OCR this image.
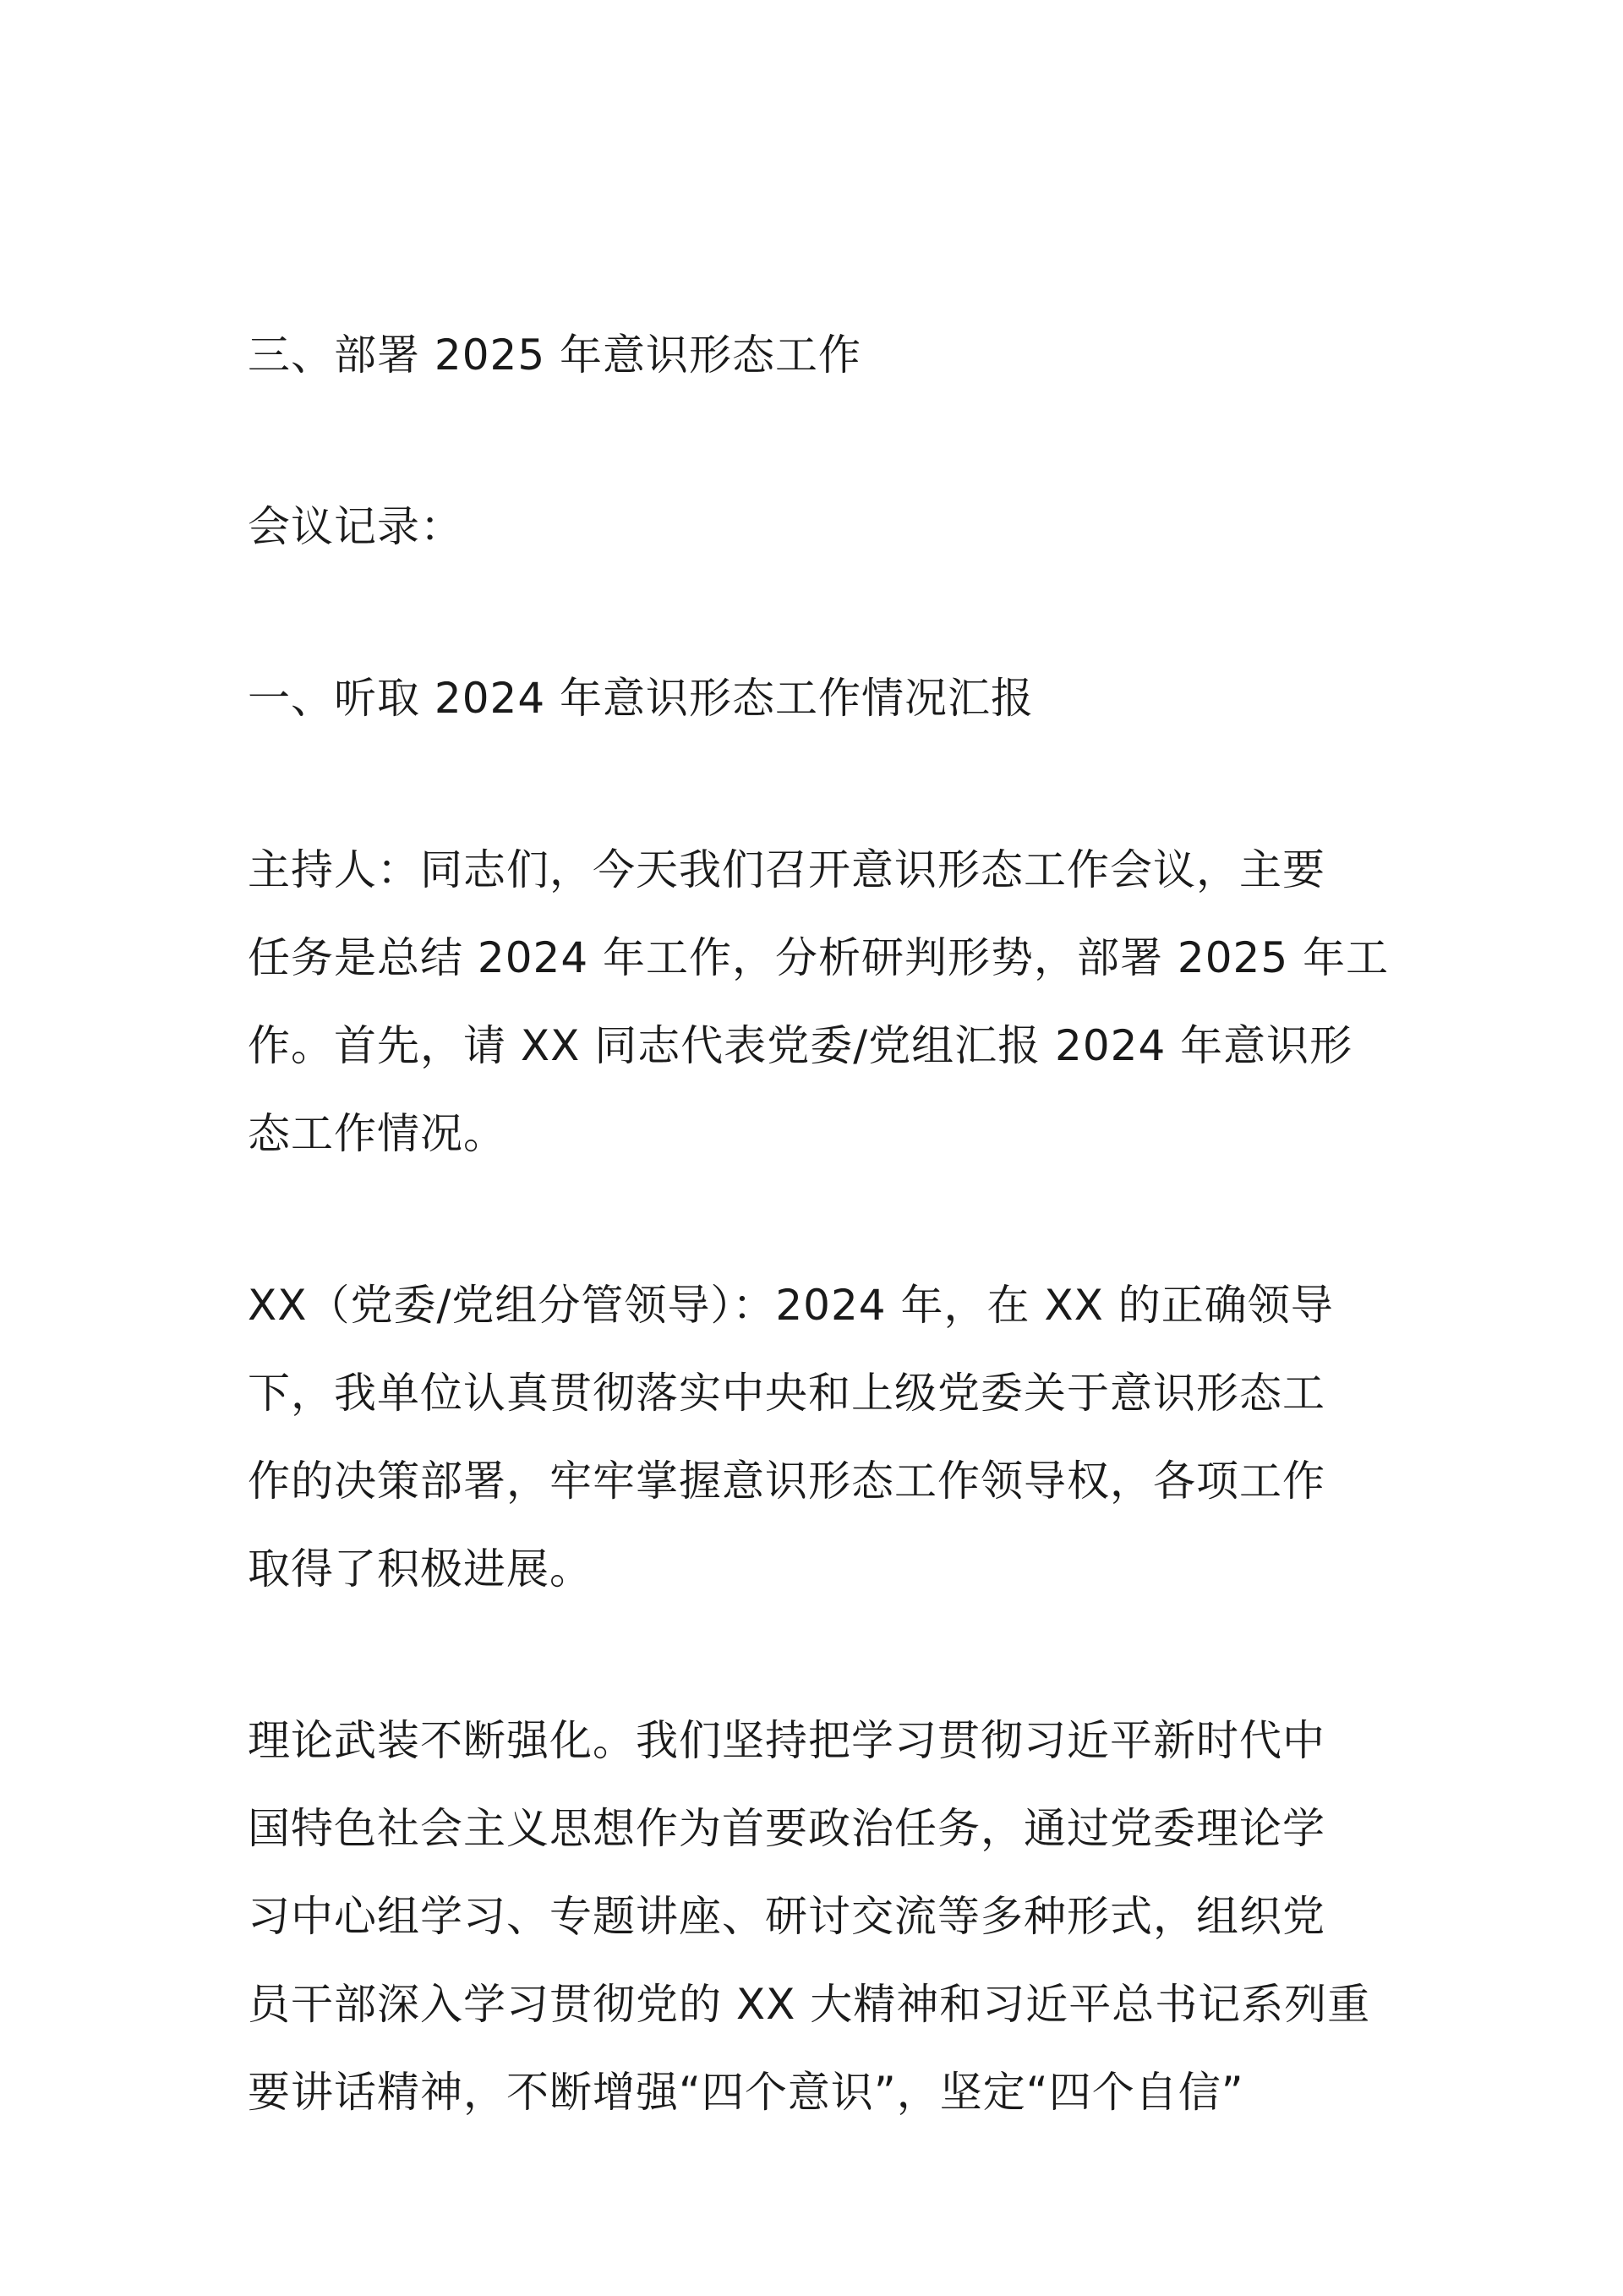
三、部署 2025 年意识形态工作

会议记录：

一、听取 2024 年意识形态工作情况汇报

主持人：同志们，今天我们召开意识形态工作会议，主要
任务是总结 2024 年工作，分析研判形势，部署 2025 年工
作。首先，请 XX 同志代表党委/党组汇报 2024 年意识形
态工作情况。

XX（党委/党组分管领导）：2024 年，在 XX 的正确领导
下，我单位认真贯彻落实中央和上级党委关于意识形态工
作的决策部署，牢牢掌握意识形态工作领导权，各项工作
取得了积极进展。

理论武装不断强化。我们坚持把学习贯彻习近平新时代中
国特色社会主义思想作为首要政治任务，通过党委理论学
习中心组学习、专题讲座、研讨交流等多种形式，组织党
员干部深入学习贯彻党的 XX 大精神和习近平总书记系列重
要讲话精神，不断增强“四个意识”，坚定“四个自信”
